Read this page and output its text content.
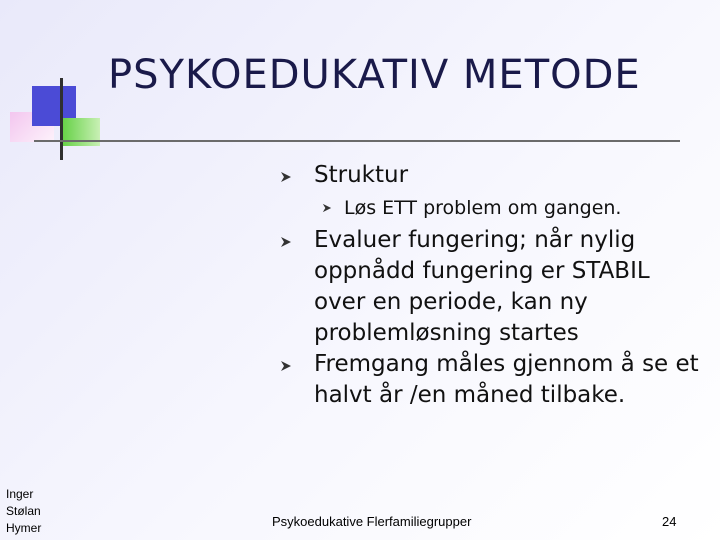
PSYKOEDUKATIV METODE
Struktur
Løs ETT problem om gangen.
Evaluer fungering; når nylig oppnådd fungering er STABIL over en periode, kan ny problemløsning startes
Fremgang måles gjennom å se et halvt år /en måned tilbake.
Inger
Stølan
Hymer	Psykoedukative Flerfamiliegrupper	24
